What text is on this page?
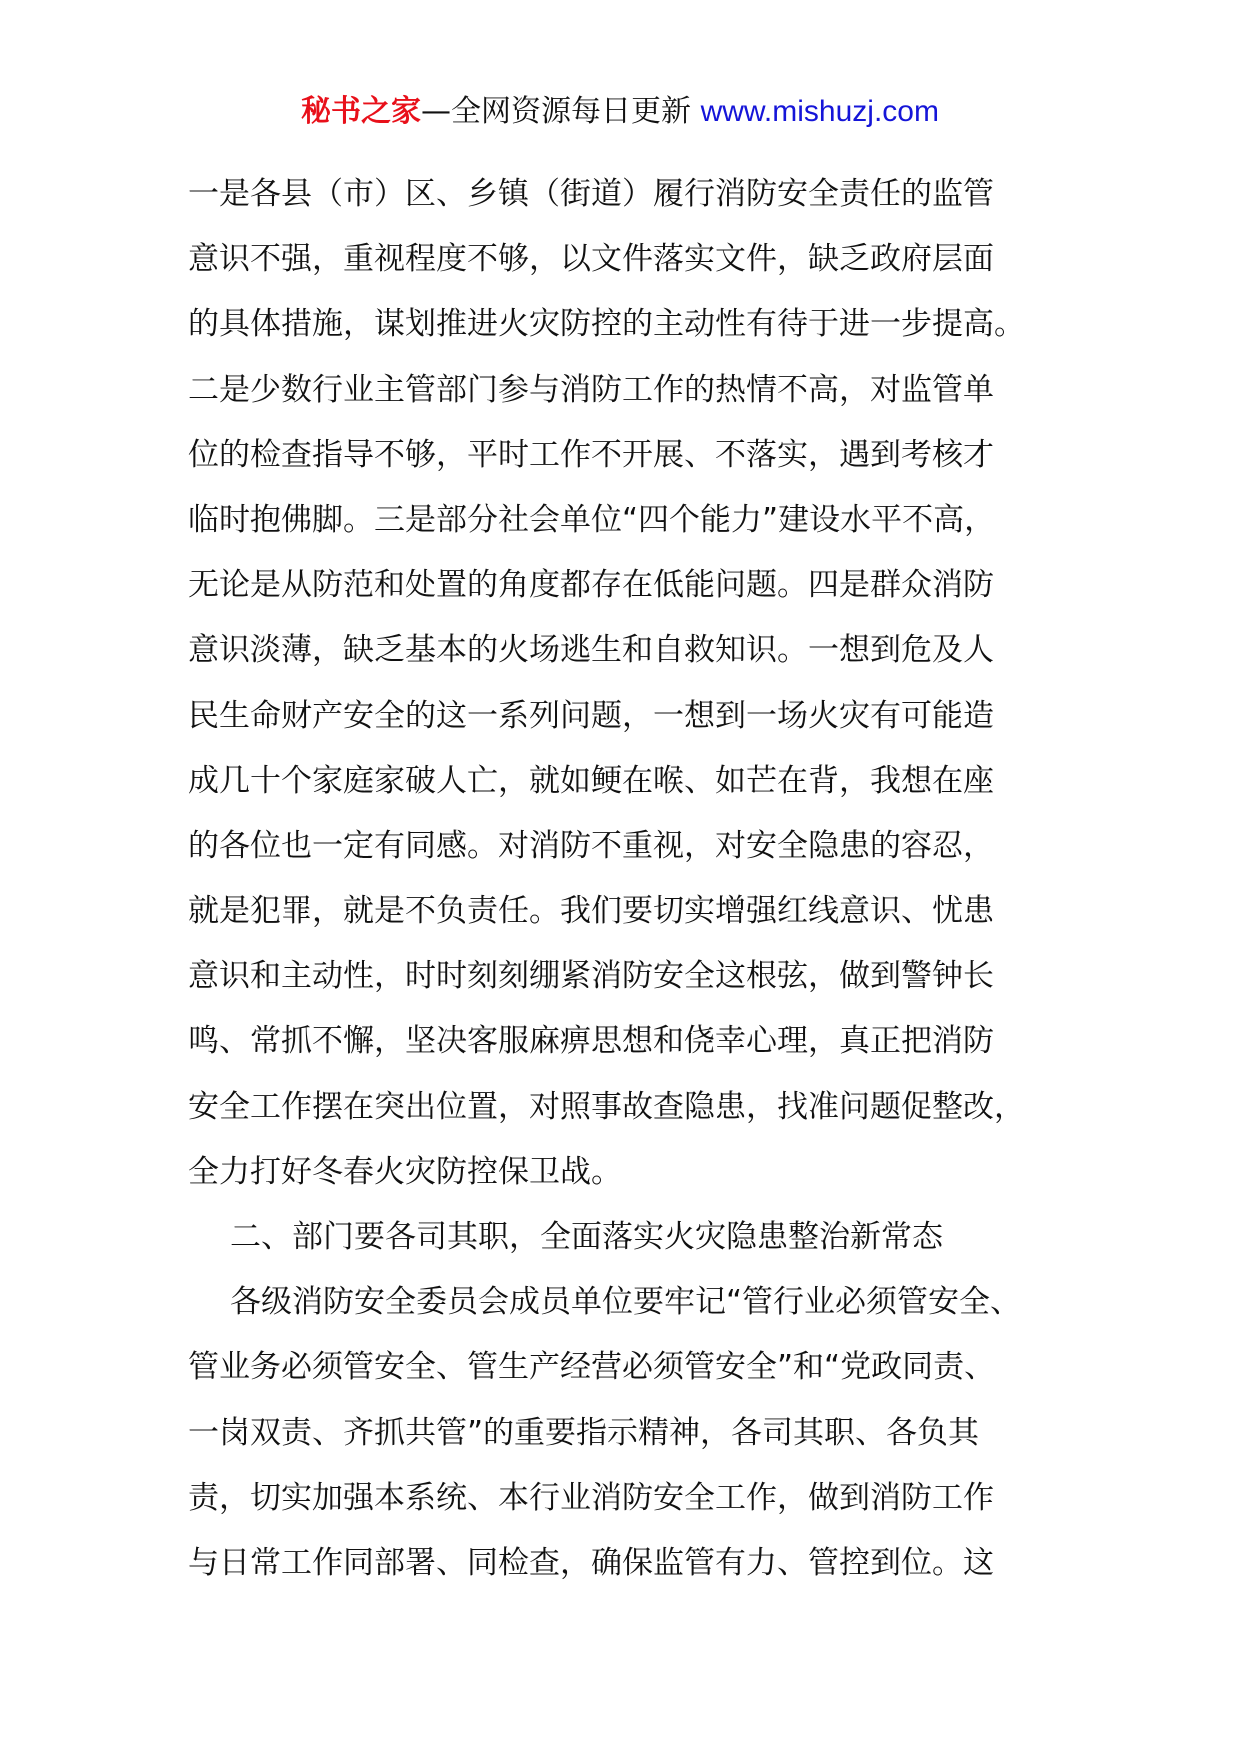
秘书之家—全网资源每日更新 www.mishuzj.com
一是各县（市）区、乡镇（街道）履行消防安全责任的监管
意识不强，重视程度不够，以文件落实文件，缺乏政府层面
的具体措施，谋划推进火灾防控的主动性有待于进一步提高。
二是少数行业主管部门参与消防工作的热情不高，对监管单
位的检查指导不够，平时工作不开展、不落实，遇到考核才
临时抱佛脚。三是部分社会单位“四个能力”建设水平不高，
无论是从防范和处置的角度都存在低能问题。四是群众消防
意识淡薄，缺乏基本的火场逃生和自救知识。一想到危及人
民生命财产安全的这一系列问题，一想到一场火灾有可能造
成几十个家庭家破人亡，就如鲠在喉、如芒在背，我想在座
的各位也一定有同感。对消防不重视，对安全隐患的容忍，
就是犯罪，就是不负责任。我们要切实增强红线意识、忧患
意识和主动性，时时刻刻绷紧消防安全这根弦，做到警钟长
鸣、常抓不懈，坚决客服麻痹思想和侥幸心理，真正把消防
安全工作摆在突出位置，对照事故查隐患，找准问题促整改，
全力打好冬春火灾防控保卫战。
二、部门要各司其职，全面落实火灾隐患整治新常态
各级消防安全委员会成员单位要牢记“管行业必须管安全、
管业务必须管安全、管生产经营必须管安全”和“党政同责、
一岗双责、齐抓共管”的重要指示精神，各司其职、各负其
责，切实加强本系统、本行业消防安全工作，做到消防工作
与日常工作同部署、同检查，确保监管有力、管控到位。这
